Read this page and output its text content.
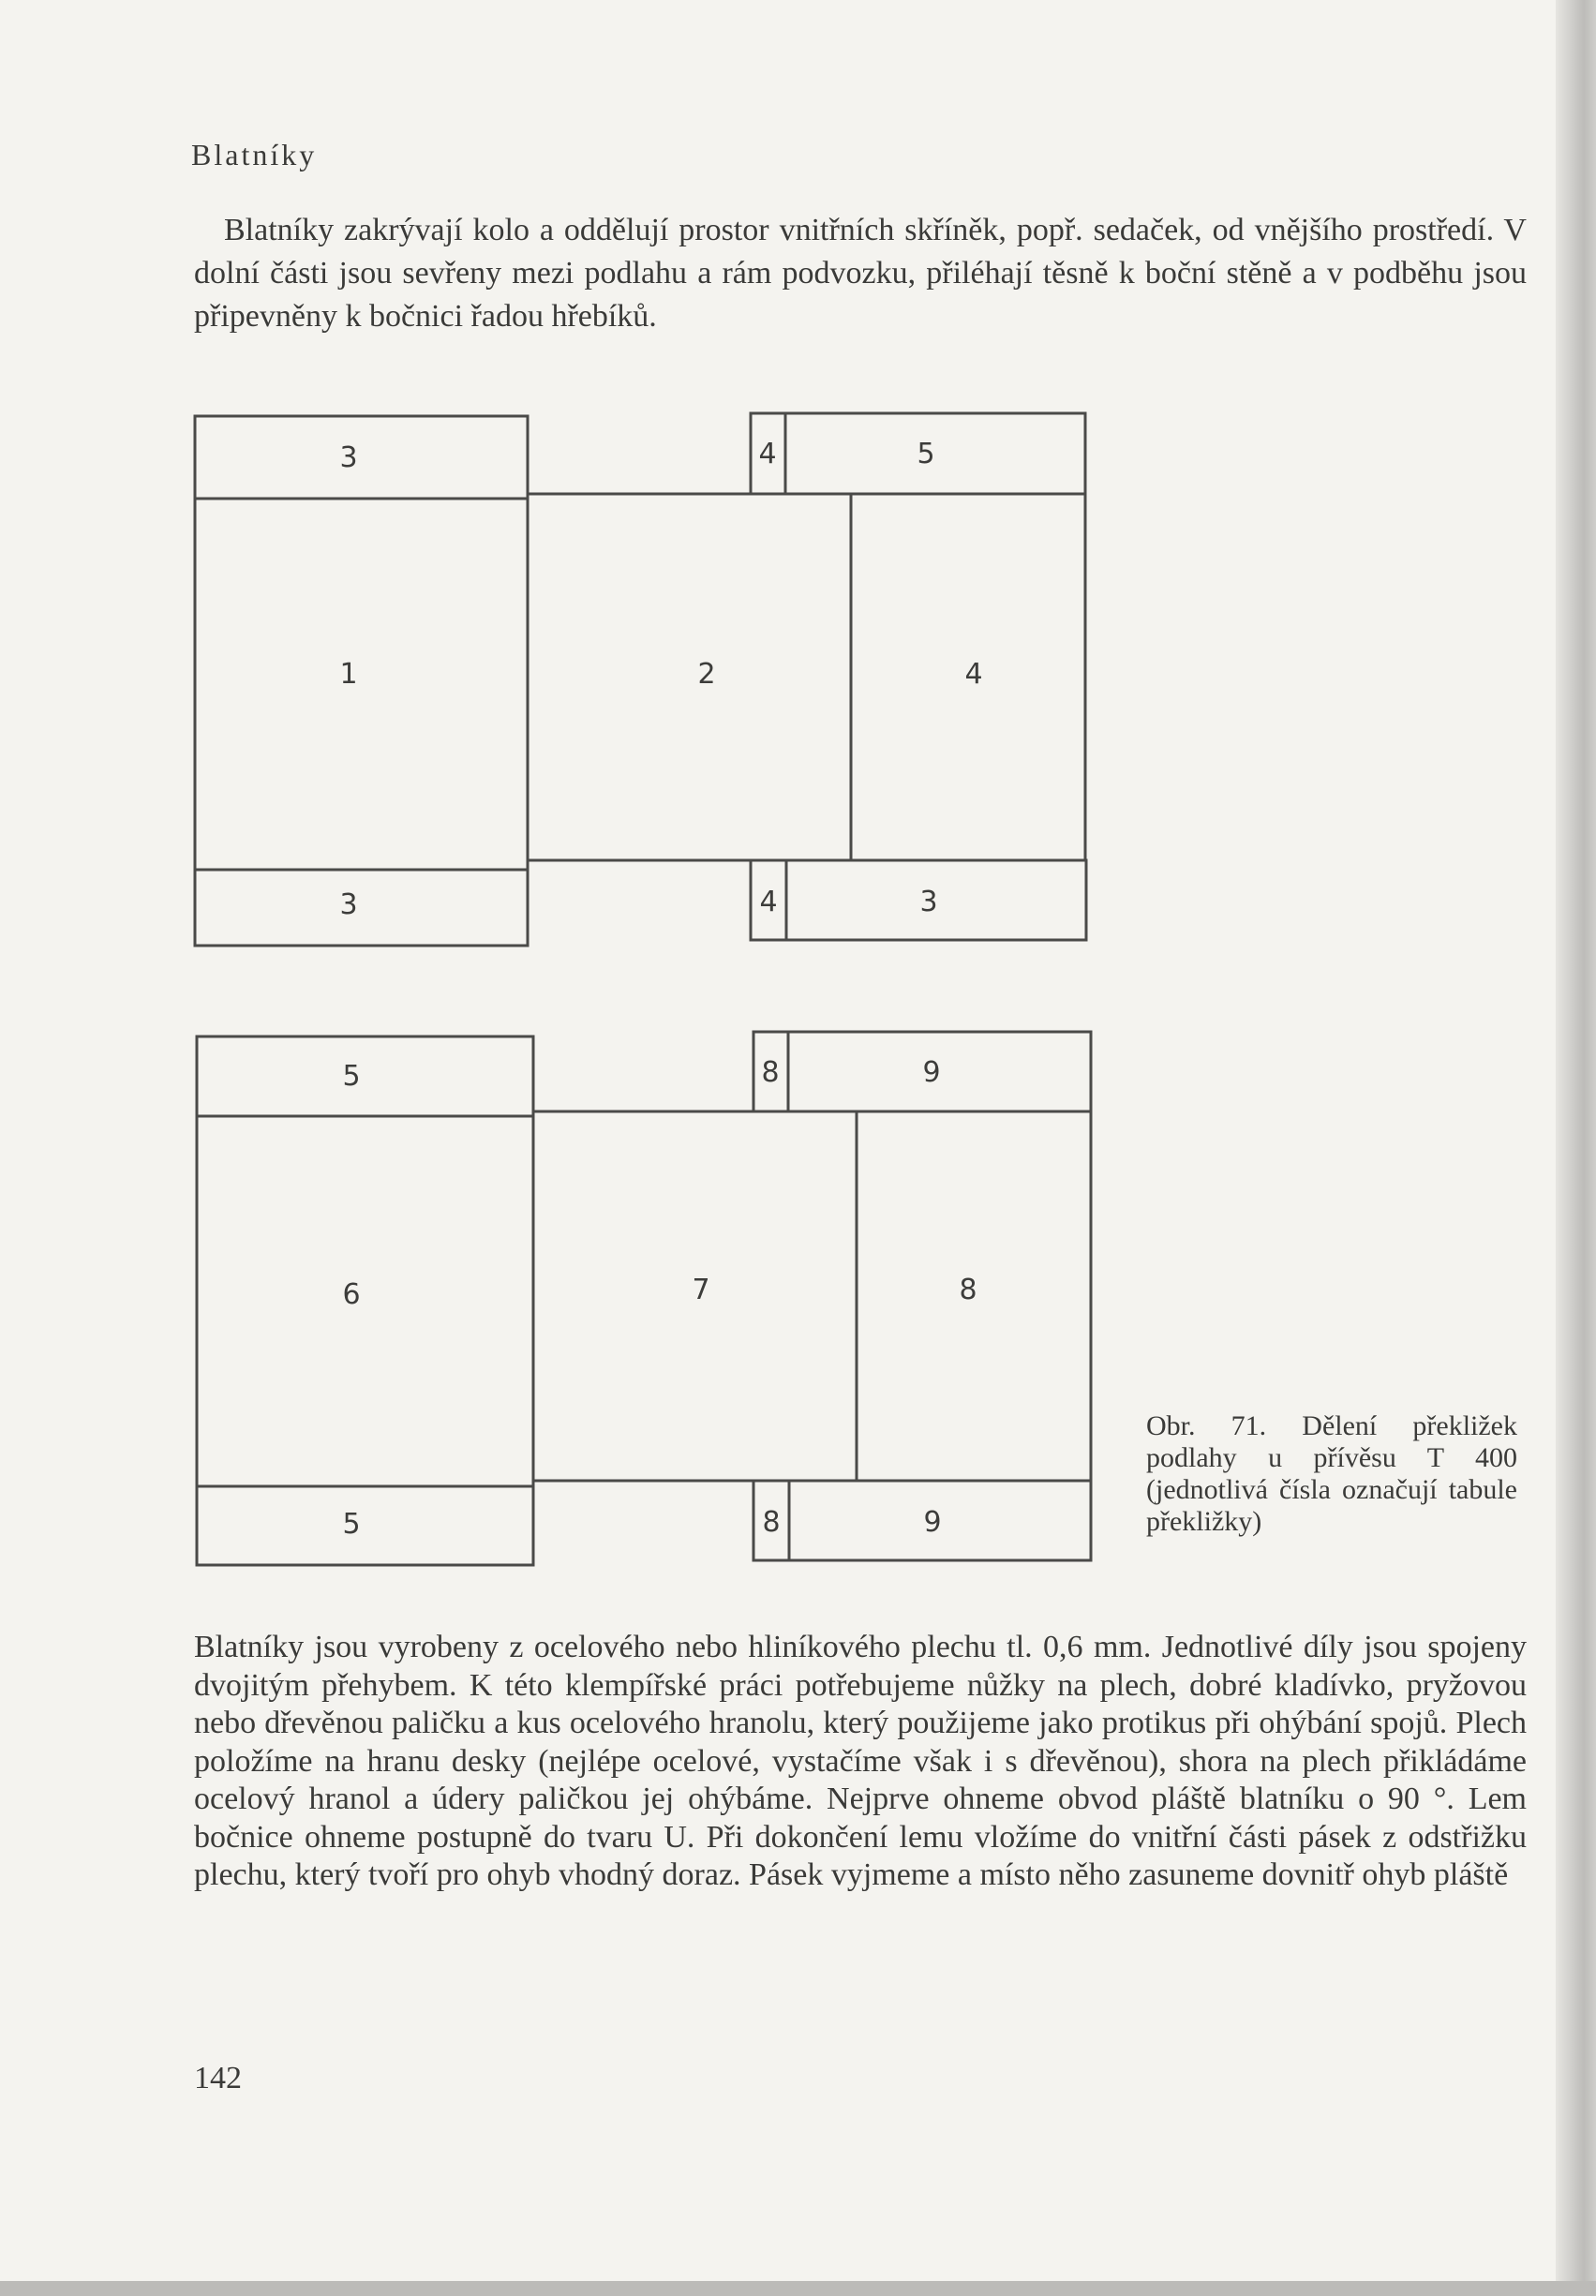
Blatníky

Blatníky zakrývají kolo a oddělují prostor vnitřních skříněk, popř. sedaček, od vnějšího prostředí. V dolní části jsou sevřeny mezi podlahu a rám podvozku, přiléhají těsně k boční stěně a v podběhu jsou připevněny k bočnici řadou hřebíků.

3	4	5
1	2	4
3	4	3
5	8	9
6	7	8
5	8	9

Obr. 71. Dělení překližek podlahy u přívěsu T 400 (jednotlivá čísla označují tabule překližky)

Blatníky jsou vyrobeny z ocelového nebo hliníkového plechu tl. 0,6 mm. Jednotlivé díly jsou spojeny dvojitým přehybem. K této klempířské práci potřebujeme nůžky na plech, dobré kladívko, pryžovou nebo dřevěnou paličku a kus ocelového hranolu, který použijeme jako protikus při ohýbání spojů. Plech položíme na hranu desky (nejlépe ocelové, vystačíme však i s dřevěnou), shora na plech přikládáme ocelový hranol a údery paličkou jej ohýbáme. Nejprve ohneme obvod pláště blatníku o 90 °. Lem bočnice ohneme postupně do tvaru U. Při dokončení lemu vložíme do vnitřní části pásek z odstřižku plechu, který tvoří pro ohyb vhodný doraz. Pásek vyjmeme a místo něho zasuneme dovnitř ohyb pláště

142
